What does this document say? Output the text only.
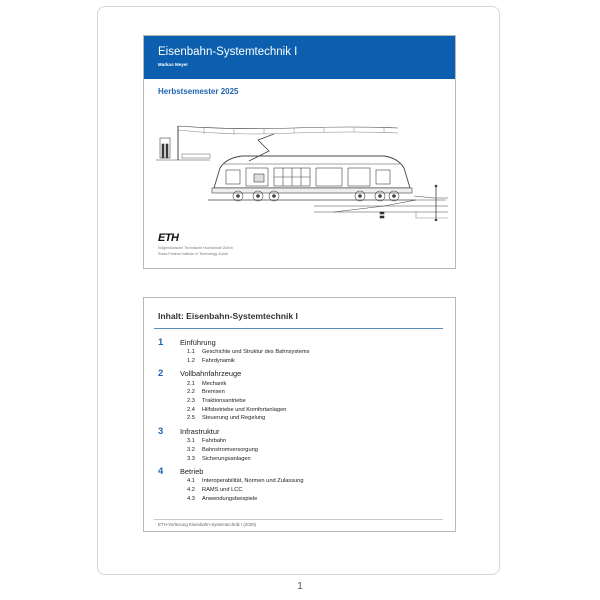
Eisenbahn-Systemtechnik I
Markus Meyer
Herbstsemester 2025
ETH
Eidgenössische Technische Hochschule Zürich
Swiss Federal Institute of Technology Zurich
Inhalt: Eisenbahn-Systemtechnik I
1	Einführung
1.1	Geschichte und Struktur des Bahnsystems
1.2	Fahrdynamik
2	Vollbahnfahrzeuge
2.1	Mechanik
2.2	Bremsen
2.3	Traktionsantriebe
2.4	Hilfsbetriebe und Komfortanlagen
2.5	Steuerung und Regelung
3	Infrastruktur
3.1	Fahrbahn
3.2	Bahnstromversorgung
3.3	Sicherungsanlagen
4	Betrieb
4.1	Interoperabilität, Normen und Zulassung
4.2	RAMS und LCC
4.3	Anwendungsbeispiele
ETH-Vorlesung Eisenbahn-Systemtechnik I (2025)
1
